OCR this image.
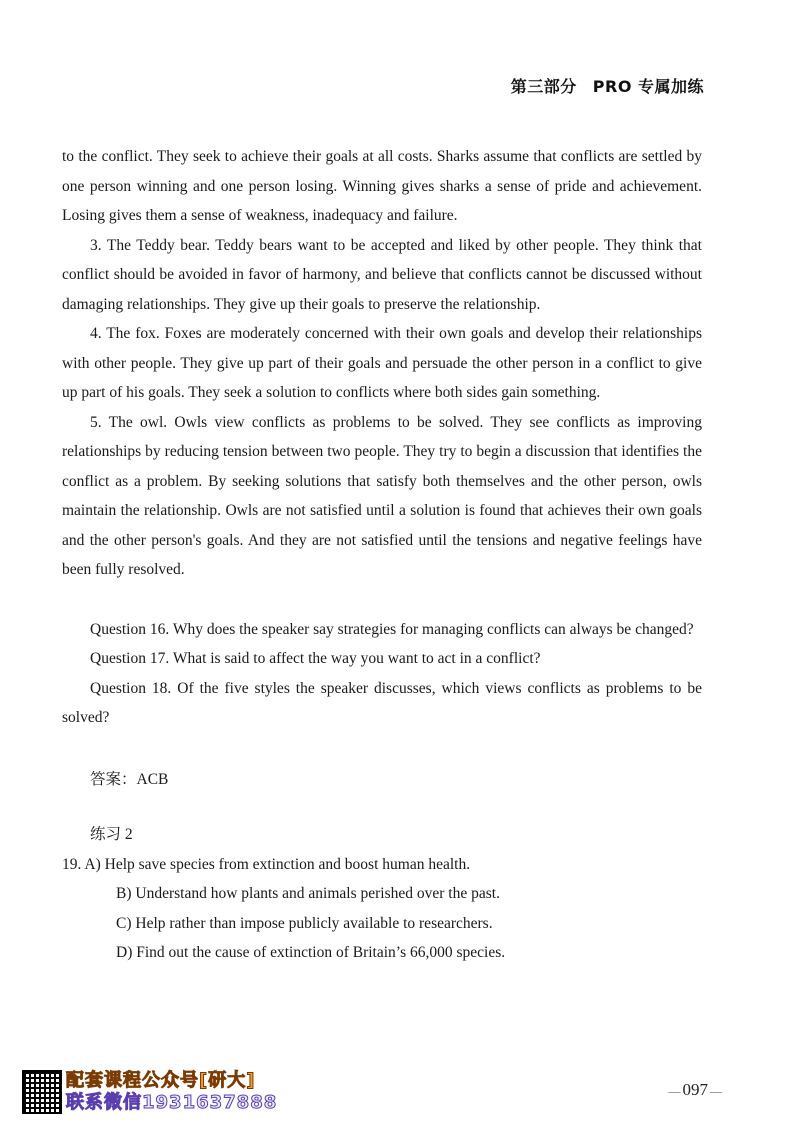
第三部分 PRO 专属加练

to the conflict. They seek to achieve their goals at all costs. Sharks assume that conflicts are settled by one person winning and one person losing. Winning gives sharks a sense of pride and achievement. Losing gives them a sense of weakness, inadequacy and failure.

3. The Teddy bear. Teddy bears want to be accepted and liked by other people. They think that conflict should be avoided in favor of harmony, and believe that conflicts cannot be discussed without damaging relationships. They give up their goals to preserve the relationship.

4. The fox. Foxes are moderately concerned with their own goals and develop their relationships with other people. They give up part of their goals and persuade the other person in a conflict to give up part of his goals. They seek a solution to conflicts where both sides gain something.

5. The owl. Owls view conflicts as problems to be solved. They see conflicts as improving relationships by reducing tension between two people. They try to begin a discussion that identifies the conflict as a problem. By seeking solutions that satisfy both themselves and the other person, owls maintain the relationship. Owls are not satisfied until a solution is found that achieves their own goals and the other person's goals. And they are not satisfied until the tensions and negative feelings have been fully resolved.

Question 16. Why does the speaker say strategies for managing conflicts can always be changed?

Question 17. What is said to affect the way you want to act in a conflict?

Question 18. Of the five styles the speaker discusses, which views conflicts as problems to be solved?

答案：ACB

练习 2

19. A) Help save species from extinction and boost human health.
B) Understand how plants and animals perished over the past.
C) Help rather than impose publicly available to researchers.
D) Find out the cause of extinction of Britain’s 66,000 species.
配套课程公众号[研大]
联系微信1931637888
— 097 —
